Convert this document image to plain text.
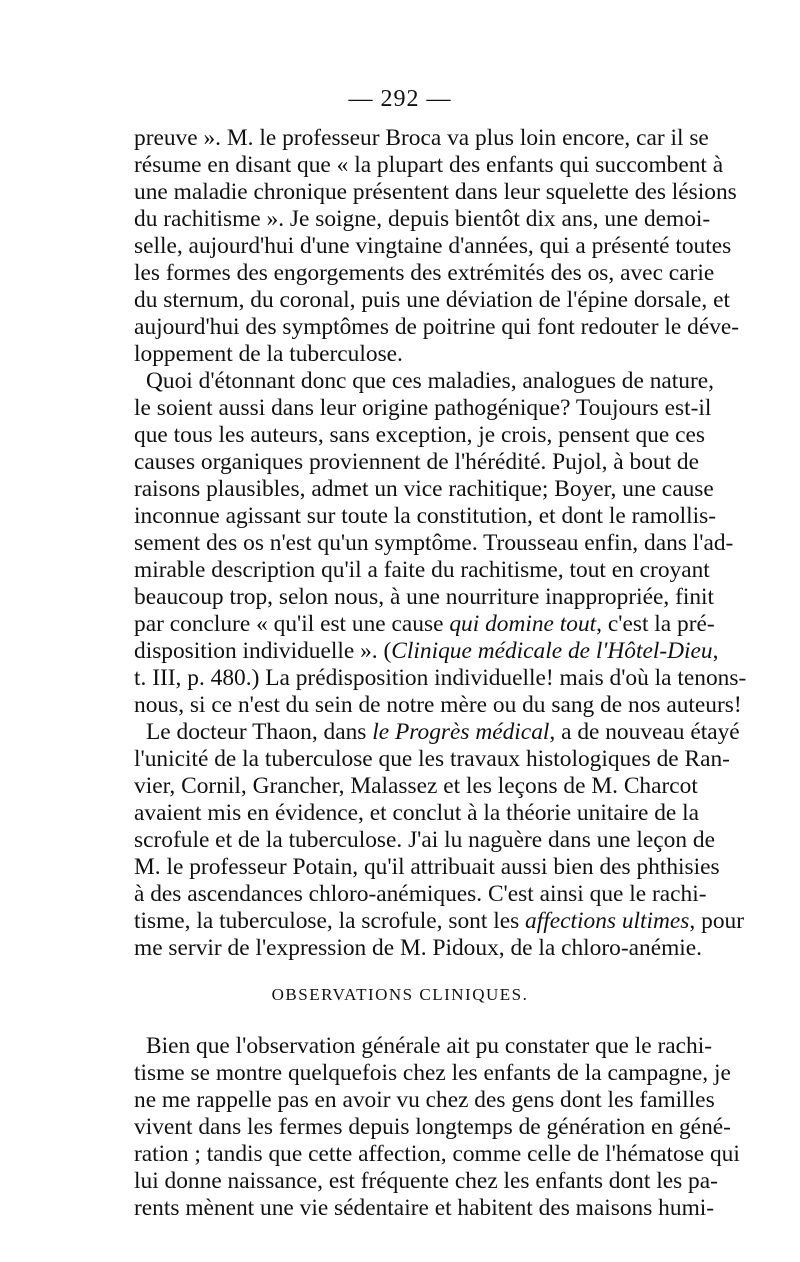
— 292 —
preuve ». M. le professeur Broca va plus loin encore, car il se
résume en disant que « la plupart des enfants qui succombent à
une maladie chronique présentent dans leur squelette des lésions
du rachitisme ». Je soigne, depuis bientôt dix ans, une demoi-
selle, aujourd'hui d'une vingtaine d'années, qui a présenté toutes
les formes des engorgements des extrémités des os, avec carie
du sternum, du coronal, puis une déviation de l'épine dorsale, et
aujourd'hui des symptômes de poitrine qui font redouter le déve-
loppement de la tuberculose.
Quoi d'étonnant donc que ces maladies, analogues de nature,
le soient aussi dans leur origine pathogénique? Toujours est-il
que tous les auteurs, sans exception, je crois, pensent que ces
causes organiques proviennent de l'hérédité. Pujol, à bout de
raisons plausibles, admet un vice rachitique; Boyer, une cause
inconnue agissant sur toute la constitution, et dont le ramollis-
sement des os n'est qu'un symptôme. Trousseau enfin, dans l'ad-
mirable description qu'il a faite du rachitisme, tout en croyant
beaucoup trop, selon nous, à une nourriture inappropriée, finit
par conclure « qu'il est une cause qui domine tout, c'est la pré-
disposition individuelle ». (Clinique médicale de l'Hôtel-Dieu,
t. III, p. 480.) La prédisposition individuelle! mais d'où la tenons-
nous, si ce n'est du sein de notre mère ou du sang de nos auteurs!
Le docteur Thaon, dans le Progrès médical, a de nouveau étayé
l'unicité de la tuberculose que les travaux histologiques de Ran-
vier, Cornil, Grancher, Malassez et les leçons de M. Charcot
avaient mis en évidence, et conclut à la théorie unitaire de la
scrofule et de la tuberculose. J'ai lu naguère dans une leçon de
M. le professeur Potain, qu'il attribuait aussi bien des phthisies
à des ascendances chloro-anémiques. C'est ainsi que le rachi-
tisme, la tuberculose, la scrofule, sont les affections ultimes, pour
me servir de l'expression de M. Pidoux, de la chloro-anémie.
OBSERVATIONS CLINIQUES.
Bien que l'observation générale ait pu constater que le rachi-
tisme se montre quelquefois chez les enfants de la campagne, je
ne me rappelle pas en avoir vu chez des gens dont les familles
vivent dans les fermes depuis longtemps de génération en géné-
ration ; tandis que cette affection, comme celle de l'hématose qui
lui donne naissance, est fréquente chez les enfants dont les pa-
rents mènent une vie sédentaire et habitent des maisons humi-
